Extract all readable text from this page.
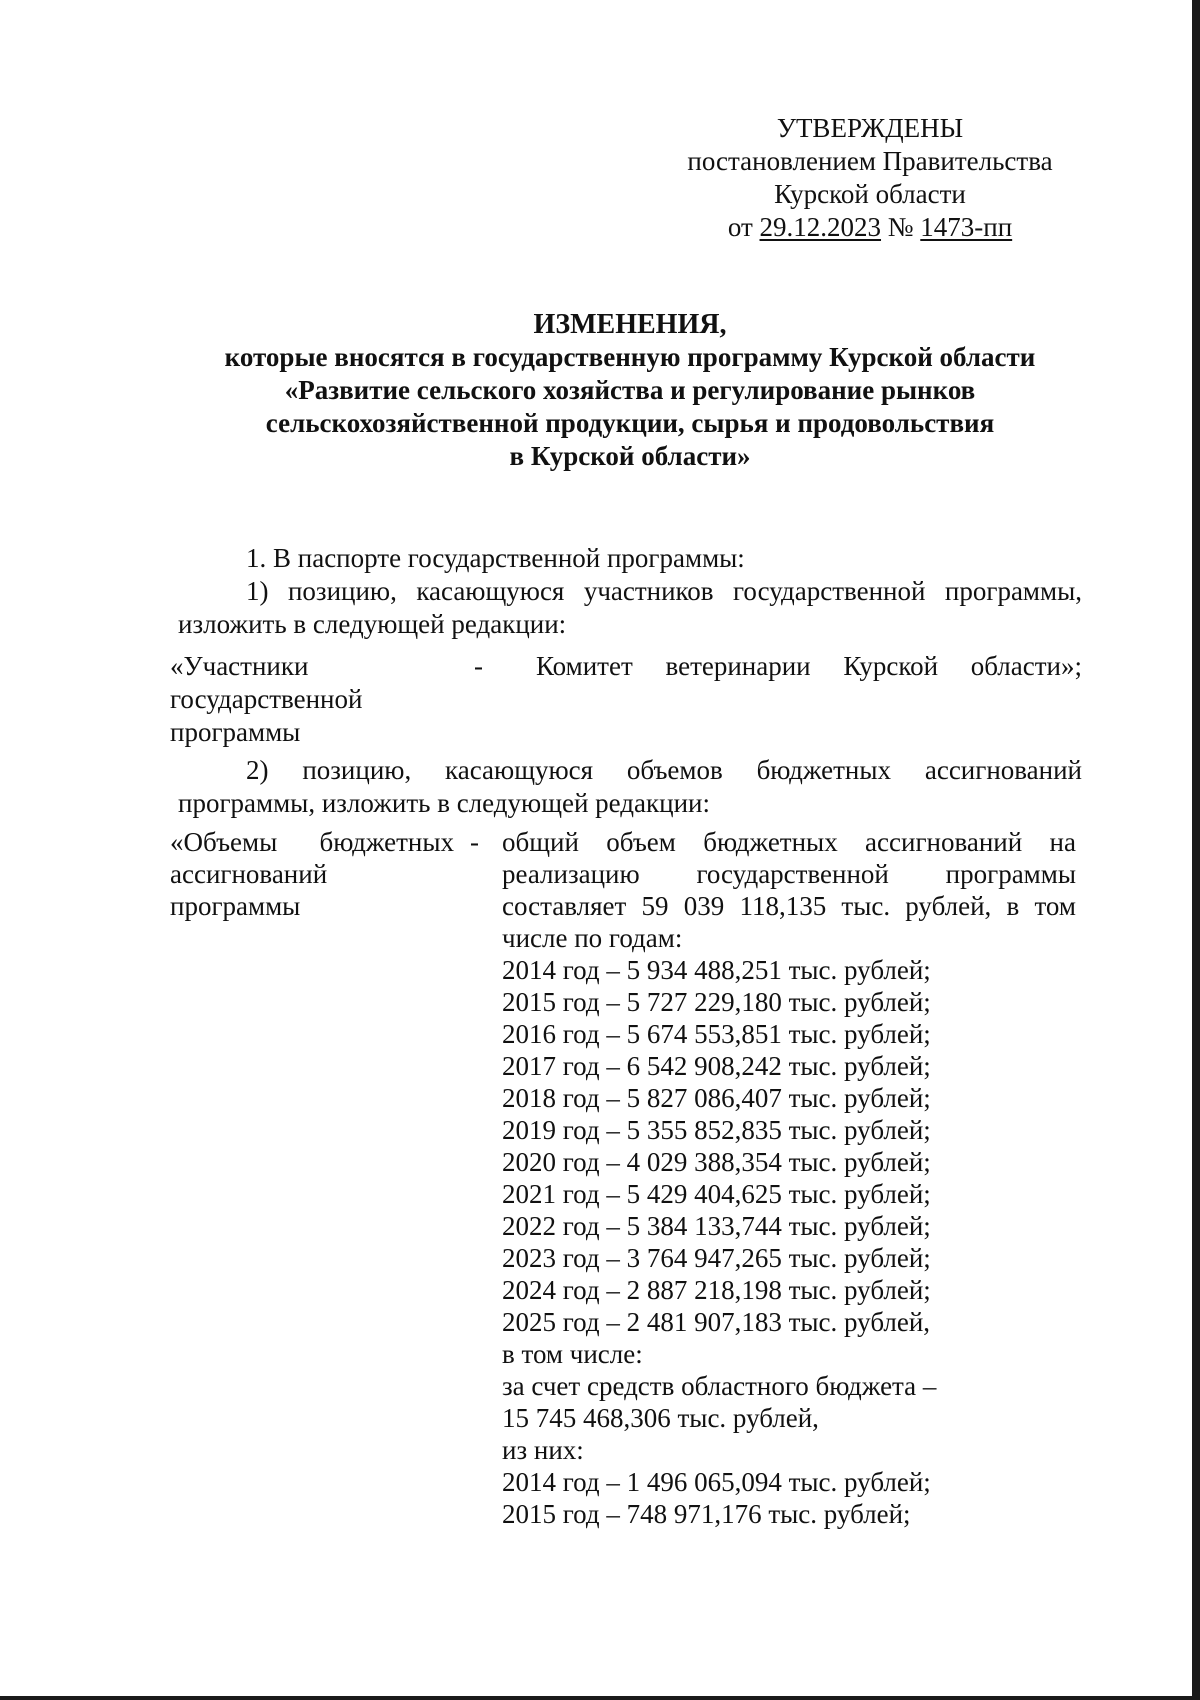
УТВЕРЖДЕНЫ
постановлением Правительства
Курской области
от 29.12.2023 № 1473-пп
ИЗМЕНЕНИЯ,
которые вносятся в государственную программу Курской области
«Развитие сельского хозяйства и регулирование рынков
сельскохозяйственной продукции, сырья и продовольствия
в Курской области»
1. В паспорте государственной программы:
1) позицию, касающуюся участников государственной программы,
изложить в следующей редакции:
«Участники
государственной
программы
- Комитет ветеринарии Курской области»;
2) позицию, касающуюся объемов бюджетных ассигнований
программы, изложить в следующей редакции:
«Объемы бюджетных
ассигнований
программы
- общий объем бюджетных ассигнований на
реализацию государственной программы
составляет 59 039 118,135 тыс. рублей, в том
числе по годам:
2014 год – 5 934 488,251 тыс. рублей;
2015 год – 5 727 229,180 тыс. рублей;
2016 год – 5 674 553,851 тыс. рублей;
2017 год – 6 542 908,242 тыс. рублей;
2018 год – 5 827 086,407 тыс. рублей;
2019 год – 5 355 852,835 тыс. рублей;
2020 год – 4 029 388,354 тыс. рублей;
2021 год – 5 429 404,625 тыс. рублей;
2022 год – 5 384 133,744 тыс. рублей;
2023 год – 3 764 947,265 тыс. рублей;
2024 год – 2 887 218,198 тыс. рублей;
2025 год – 2 481 907,183 тыс. рублей,
в том числе:
за счет средств областного бюджета –
15 745 468,306 тыс. рублей,
из них:
2014 год – 1 496 065,094 тыс. рублей;
2015 год – 748 971,176 тыс. рублей;
